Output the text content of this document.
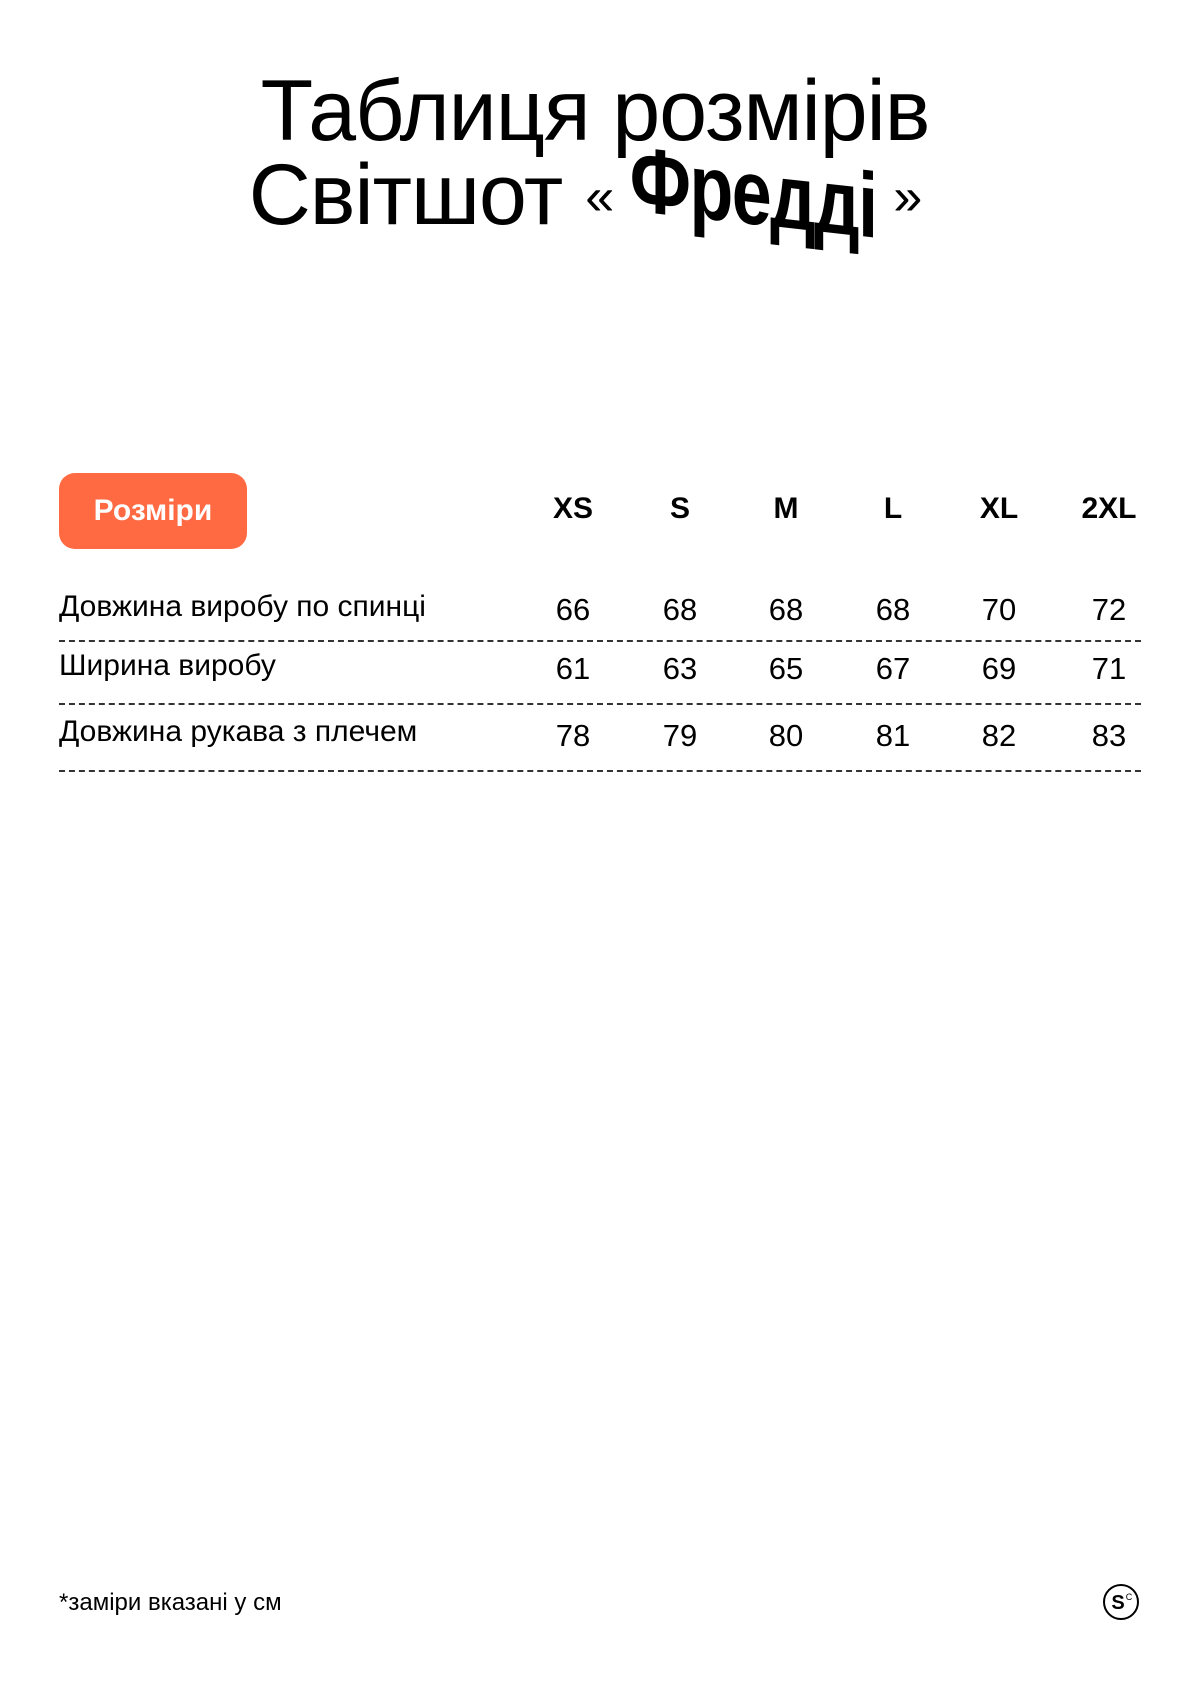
Таблиця розмірів
Світшот « Фредді »
Розміри	XS	S	M	L	XL	2XL
Довжина виробу по спинці	66	68	68	68	70	72
Ширина виробу	61	63	65	67	69	71
Довжина рукава з плечем	78	79	80	81	82	83
*заміри вказані у см	S C
